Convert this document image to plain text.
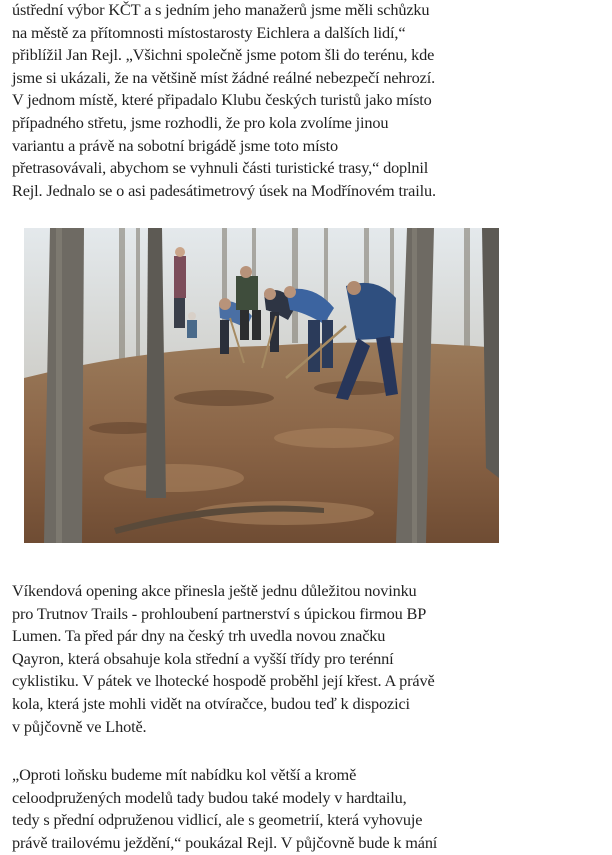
ústřední výbor KČT a s jedním jeho manažerů jsme měli schůzku
na městě za přítomnosti místostarosty Eichlera a dalších lidí,“
přiblížil Jan Rejl. „Všichni společně jsme potom šli do terénu, kde
jsme si ukázali, že na většině míst žádné reálné nebezpečí nehrozí.
V jednom místě, které připadalo Klubu českých turistů jako místo
případného střetu, jsme rozhodli, že pro kola zvolíme jinou
variantu a právě na sobotní brigádě jsme toto místo
přetrasovávali, abychom se vyhnuli části turistické trasy,“ doplnil
Rejl. Jednalo se o asi padesátimetrový úsek na Modřínovém trailu.

Víkendová opening akce přinesla ještě jednu důležitou novinku
pro Trutnov Trails - prohloubení partnerství s úpickou firmou BP
Lumen. Ta před pár dny na český trh uvedla novou značku
Qayron, která obsahuje kola střední a vyšší třídy pro terénní
cyklistiku. V pátek ve lhotecké hospodě proběhl její křest. A právě
kola, která jste mohli vidět na otvíračce, budou teď k dispozici
v půjčovně ve Lhotě.

„Oproti loňsku budeme mít nabídku kol větší a kromě
celoodpružených modelů tady budou také modely v hardtailu,
tedy s přední odpruženou vidlicí, ale s geometrií, která vyhovuje
právě trailovému ježdění,“ poukázal Rejl. V půjčovně bude k mání
